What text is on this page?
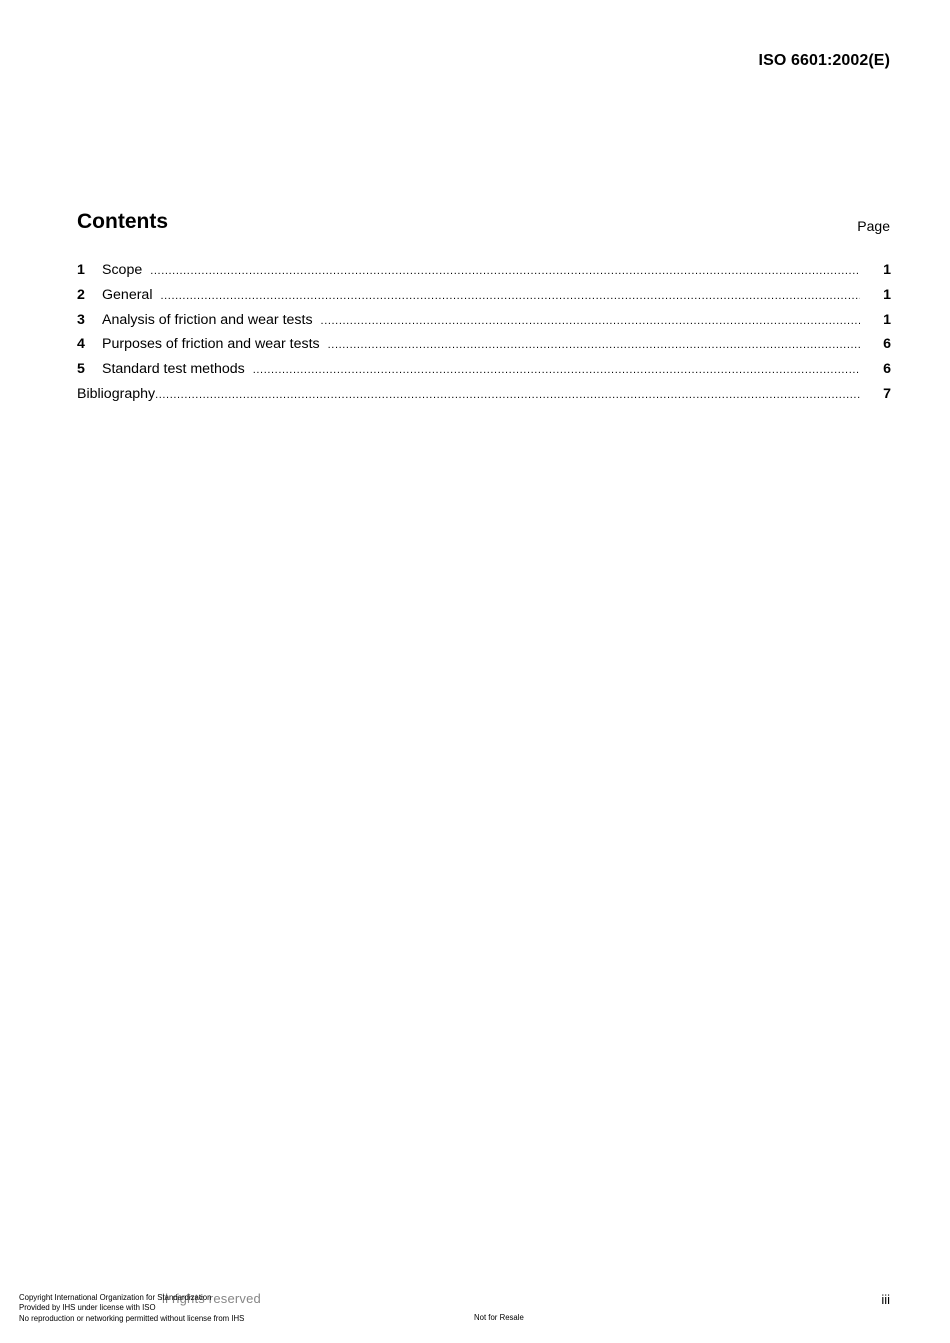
ISO 6601:2002(E)
Contents	Page
1	Scope .....	1
2	General .....	1
3	Analysis of friction and wear tests .....	1
4	Purposes of friction and wear tests .....	6
5	Standard test methods .....	6
Bibliography .....	7
ll rights reserved
Copyright International Organization for Standardization
Provided by IHS under license with ISO
No reproduction or networking permitted without license from IHS	Not for Resale
iii
